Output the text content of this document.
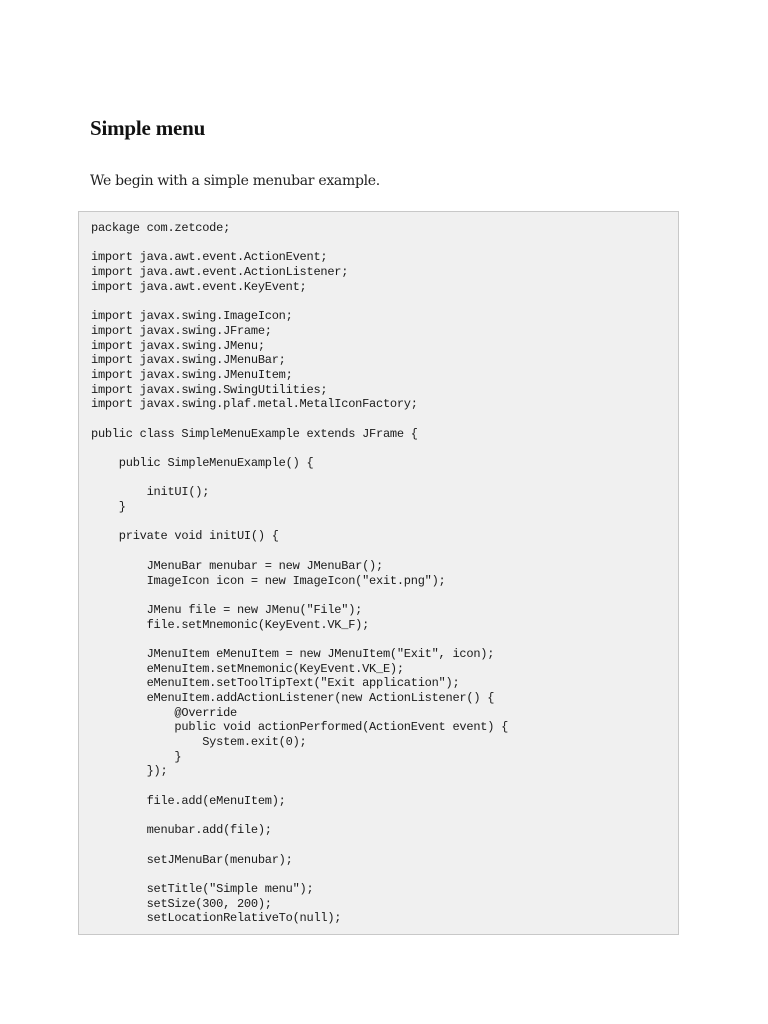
Simple menu

We begin with a simple menubar example.

package com.zetcode;
import java.awt.event.ActionEvent;
import java.awt.event.ActionListener;
import java.awt.event.KeyEvent;
import javax.swing.ImageIcon;
import javax.swing.JFrame;
import javax.swing.JMenu;
import javax.swing.JMenuBar;
import javax.swing.JMenuItem;
import javax.swing.SwingUtilities;
import javax.swing.plaf.metal.MetalIconFactory;
public class SimpleMenuExample extends JFrame {
public SimpleMenuExample() {
initUI();
}
private void initUI() {
JMenuBar menubar = new JMenuBar();
ImageIcon icon = new ImageIcon("exit.png");
JMenu file = new JMenu("File");
file.setMnemonic(KeyEvent.VK_F);
JMenuItem eMenuItem = new JMenuItem("Exit", icon);
eMenuItem.setMnemonic(KeyEvent.VK_E);
eMenuItem.setToolTipText("Exit application");
eMenuItem.addActionListener(new ActionListener() {
@Override
public void actionPerformed(ActionEvent event) {
System.exit(0);
}
});
file.add(eMenuItem);
menubar.add(file);
setJMenuBar(menubar);
setTitle("Simple menu");
setSize(300, 200);
setLocationRelativeTo(null);
